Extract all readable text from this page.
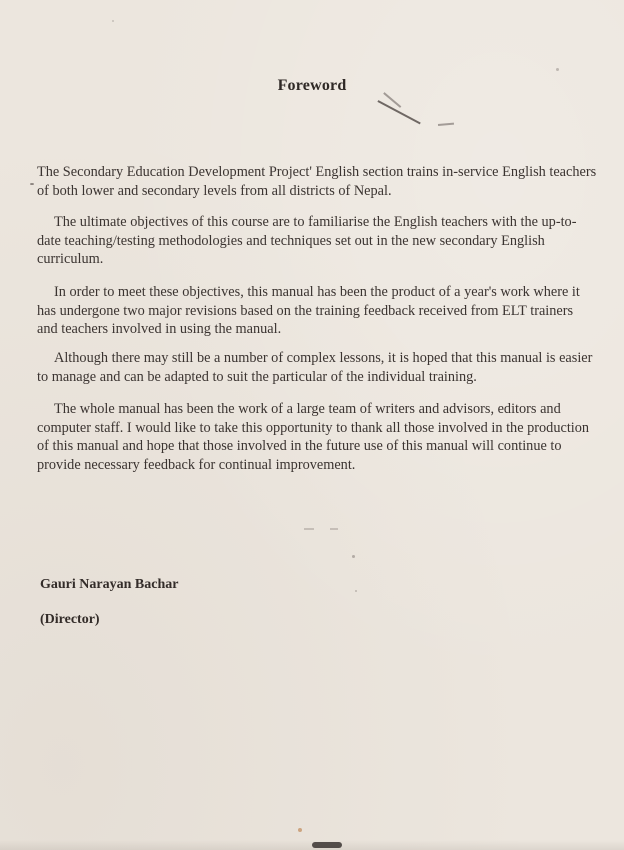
Foreword

The Secondary Education Development Project' English section trains in-service English teachers of both lower and secondary levels from all districts of Nepal.

The ultimate objectives of this course are to familiarise the English teachers with the up-to-date teaching/testing methodologies and techniques set out in the new secondary English curriculum.

In order to meet these objectives, this manual has been the product of a year's work where it has undergone two major revisions based on the training feedback received from ELT trainers and teachers involved in using the manual.

Although there may still be a number of complex lessons, it is hoped that this manual is easier to manage and can be adapted to suit the particular of the individual training.

The whole manual has been the work of a large team of writers and advisors, editors and computer staff. I would like to take this opportunity to thank all those involved in the production of this manual and hope that those involved in the future use of this manual will continue to provide necessary feedback for continual improvement.

Gauri Narayan Bachar
(Director)
